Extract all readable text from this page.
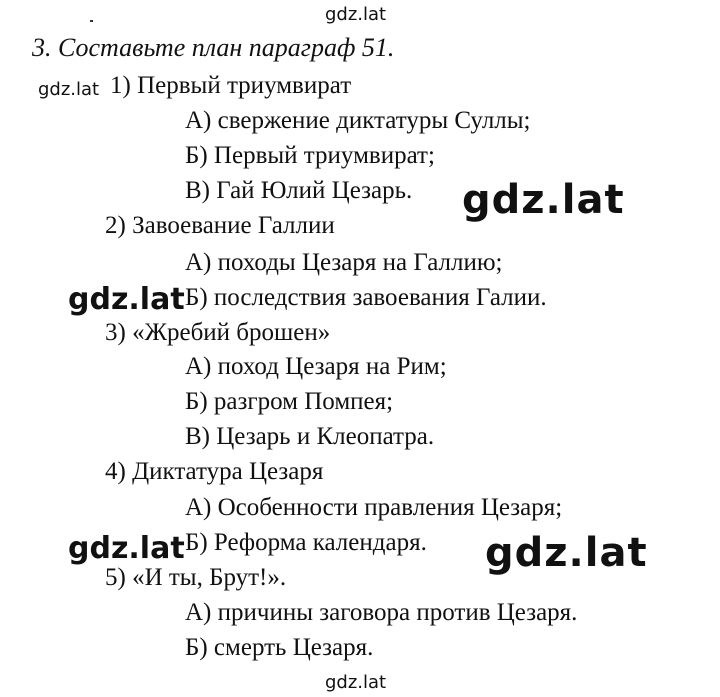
gdz.lat
gdz.lat
gdz.lat
gdz.lat
gdz.lat	gdz.lat
gdz.lat
3. Составьте план параграф 51.
1) Первый триумвират
А) свержение диктатуры Суллы;
Б) Первый триумвират;
В) Гай Юлий Цезарь.
2) Завоевание Галлии
А) походы Цезаря на Галлию;
Б) последствия завоевания Галии.
3) «Жребий брошен»
А) поход Цезаря на Рим;
Б) разгром Помпея;
В) Цезарь и Клеопатра.
4) Диктатура Цезаря
А) Особенности правления Цезаря;
Б) Реформа календаря.
5) «И ты, Брут!».
А) причины заговора против Цезаря.
Б) смерть Цезаря.
